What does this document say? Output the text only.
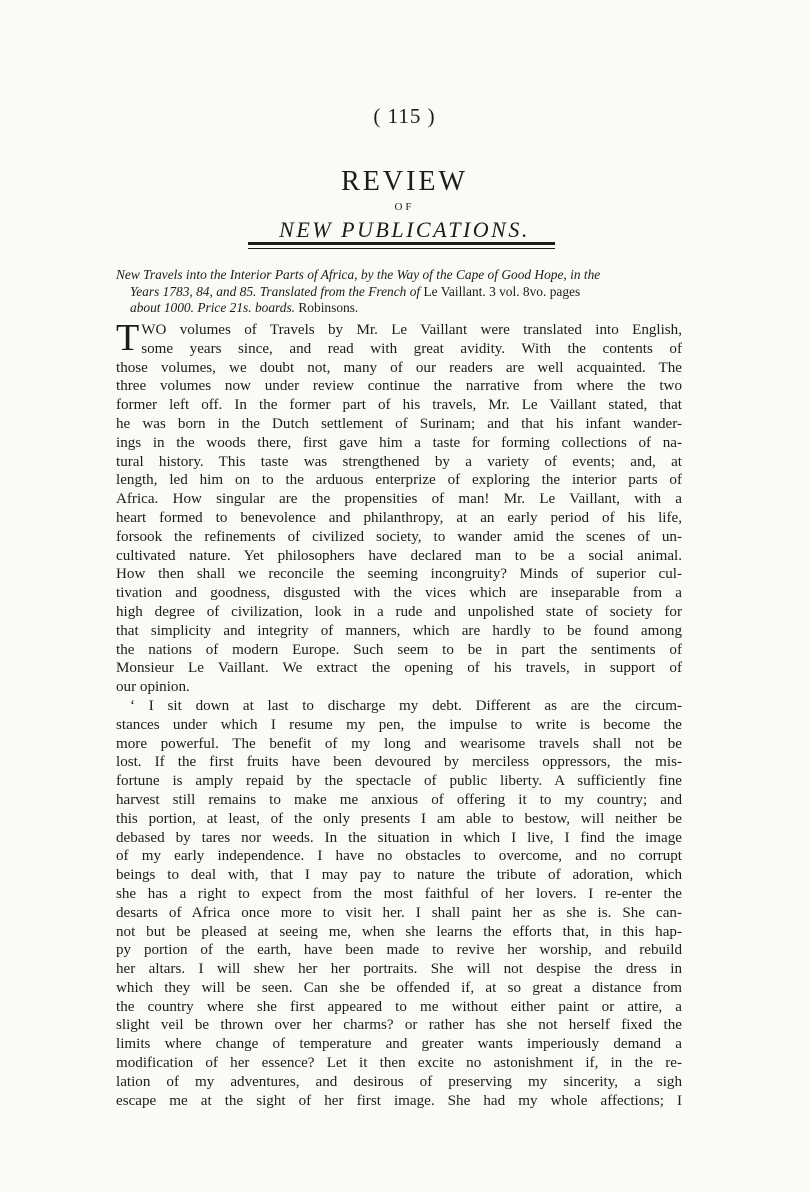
( 115 )
REVIEW
OF
NEW PUBLICATIONS.
New Travels into the Interior Parts of Africa, by the Way of the Cape of Good Hope, in the
Years 1783, 84, and 85. Translated from the French of Le Vaillant. 3 vol. 8vo. pages
about 1000. Price 21s. boards. Robinsons.
T WO volumes of Travels by Mr. Le Vaillant were translated into English,
some years since, and read with great avidity. With the contents of
those volumes, we doubt not, many of our readers are well acquainted. The
three volumes now under review continue the narrative from where the two
former left off. In the former part of his travels, Mr. Le Vaillant stated, that
he was born in the Dutch settlement of Surinam; and that his infant wander-
ings in the woods there, first gave him a taste for forming collections of na-
tural history. This taste was strengthened by a variety of events; and, at
length, led him on to the arduous enterprize of exploring the interior parts of
Africa. How singular are the propensities of man! Mr. Le Vaillant, with a
heart formed to benevolence and philanthropy, at an early period of his life,
forsook the refinements of civilized society, to wander amid the scenes of un-
cultivated nature. Yet philosophers have declared man to be a social animal.
How then shall we reconcile the seeming incongruity? Minds of superior cul-
tivation and goodness, disgusted with the vices which are inseparable from a
high degree of civilization, look in a rude and unpolished state of society for
that simplicity and integrity of manners, which are hardly to be found among
the nations of modern Europe. Such seem to be in part the sentiments of
Monsieur Le Vaillant. We extract the opening of his travels, in support of
our opinion.
‘ I sit down at last to discharge my debt. Different as are the circum-
stances under which I resume my pen, the impulse to write is become the
more powerful. The benefit of my long and wearisome travels shall not be
lost. If the first fruits have been devoured by merciless oppressors, the mis-
fortune is amply repaid by the spectacle of public liberty. A sufficiently fine
harvest still remains to make me anxious of offering it to my country; and
this portion, at least, of the only presents I am able to bestow, will neither be
debased by tares nor weeds. In the situation in which I live, I find the image
of my early independence. I have no obstacles to overcome, and no corrupt
beings to deal with, that I may pay to nature the tribute of adoration, which
she has a right to expect from the most faithful of her lovers. I re-enter the
desarts of Africa once more to visit her. I shall paint her as she is. She can-
not but be pleased at seeing me, when she learns the efforts that, in this hap-
py portion of the earth, have been made to revive her worship, and rebuild
her altars. I will shew her her portraits. She will not despise the dress in
which they will be seen. Can she be offended if, at so great a distance from
the country where she first appeared to me without either paint or attire, a
slight veil be thrown over her charms? or rather has she not herself fixed the
limits where change of temperature and greater wants imperiously demand a
modification of her essence? Let it then excite no astonishment if, in the re-
lation of my adventures, and desirous of preserving my sincerity, a sigh
escape me at the sight of her first image. She had my whole affections; I
